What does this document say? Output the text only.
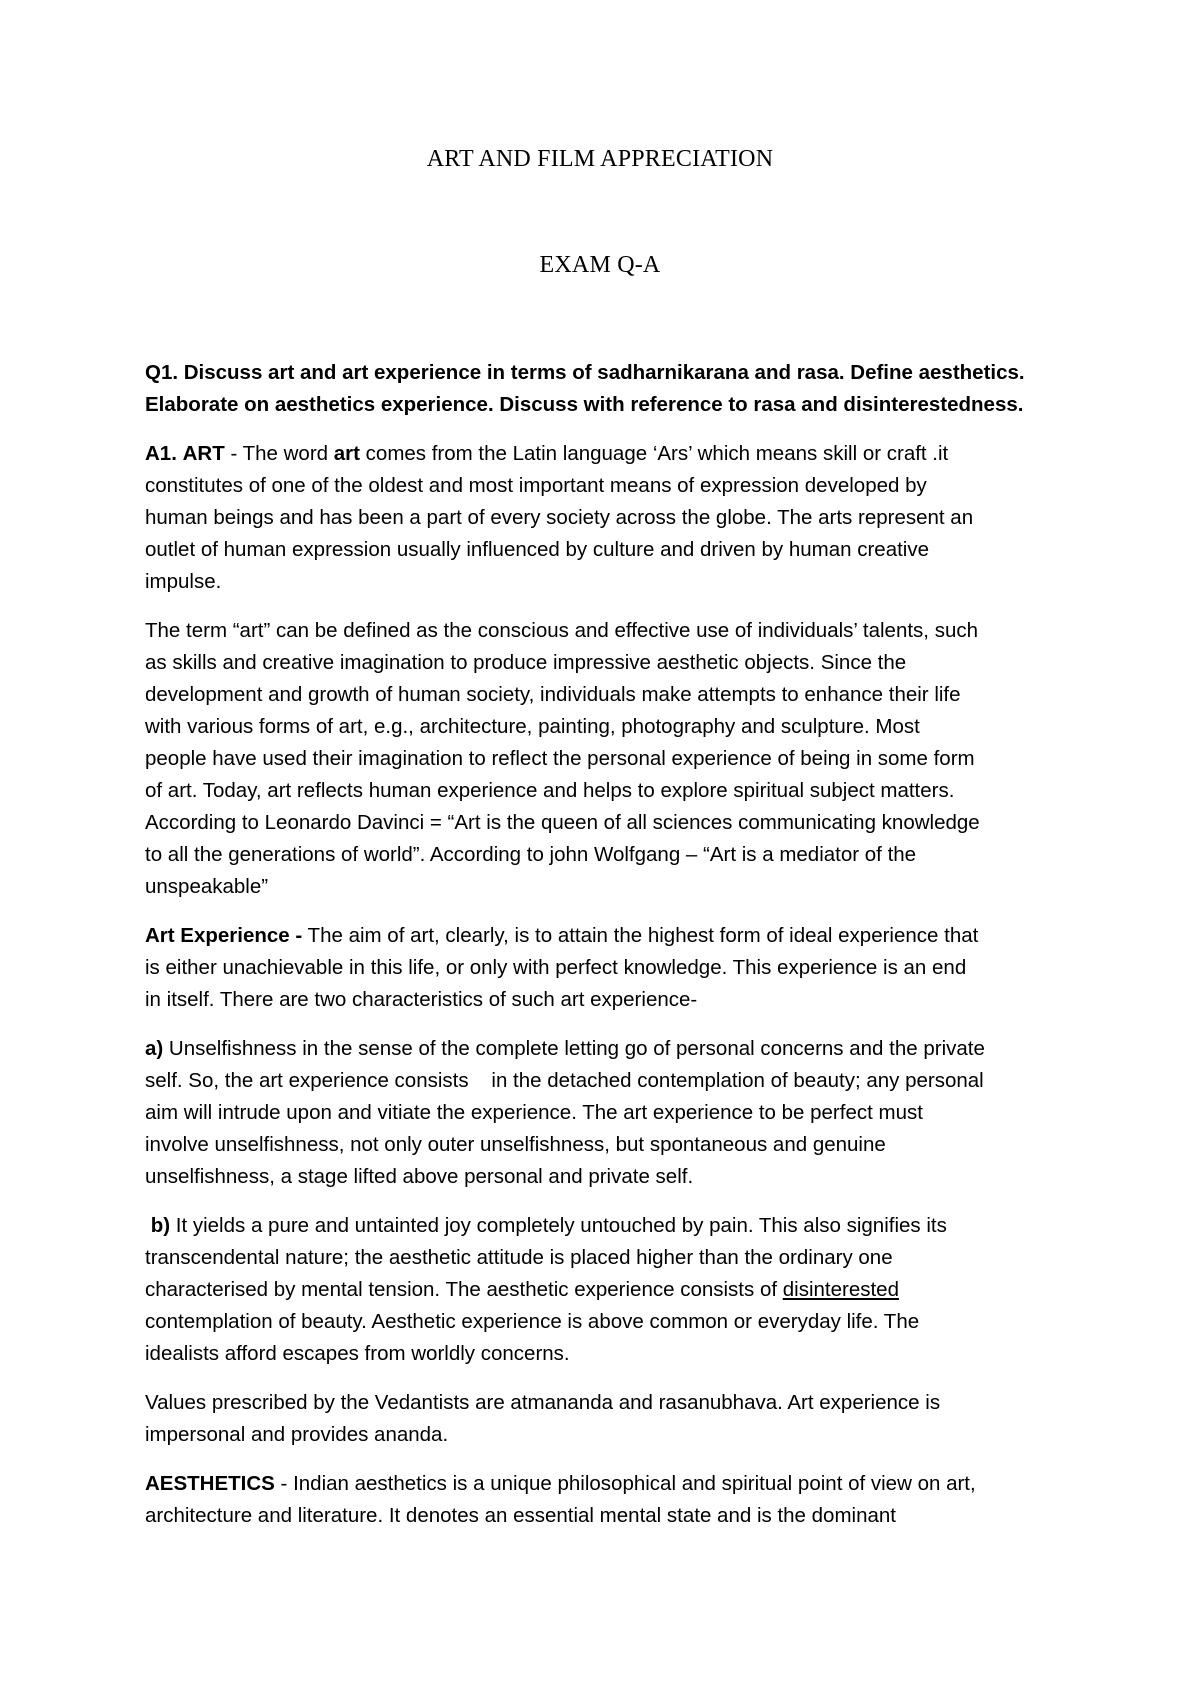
ART AND FILM APPRECIATION
EXAM Q-A

Q1. Discuss art and art experience in terms of sadharnikarana and rasa. Define aesthetics.
Elaborate on aesthetics experience. Discuss with reference to rasa and disinterestedness.

A1. ART - The word art comes from the Latin language ‘Ars’ which means skill or craft .it
constitutes of one of the oldest and most important means of expression developed by
human beings and has been a part of every society across the globe. The arts represent an
outlet of human expression usually influenced by culture and driven by human creative
impulse.

The term “art” can be defined as the conscious and effective use of individuals’ talents, such
as skills and creative imagination to produce impressive aesthetic objects. Since the
development and growth of human society, individuals make attempts to enhance their life
with various forms of art, e.g., architecture, painting, photography and sculpture. Most
people have used their imagination to reflect the personal experience of being in some form
of art. Today, art reflects human experience and helps to explore spiritual subject matters.
According to Leonardo Davinci = “Art is the queen of all sciences communicating knowledge
to all the generations of world”. According to john Wolfgang – “Art is a mediator of the
unspeakable”

Art Experience - The aim of art, clearly, is to attain the highest form of ideal experience that
is either unachievable in this life, or only with perfect knowledge. This experience is an end
in itself. There are two characteristics of such art experience-

a) Unselfishness in the sense of the complete letting go of personal concerns and the private
self. So, the art experience consists    in the detached contemplation of beauty; any personal
aim will intrude upon and vitiate the experience. The art experience to be perfect must
involve unselfishness, not only outer unselfishness, but spontaneous and genuine
unselfishness, a stage lifted above personal and private self.

b) It yields a pure and untainted joy completely untouched by pain. This also signifies its
transcendental nature; the aesthetic attitude is placed higher than the ordinary one
characterised by mental tension. The aesthetic experience consists of disinterested
contemplation of beauty. Aesthetic experience is above common or everyday life. The
idealists afford escapes from worldly concerns.

Values prescribed by the Vedantists are atmananda and rasanubhava. Art experience is
impersonal and provides ananda.

AESTHETICS - Indian aesthetics is a unique philosophical and spiritual point of view on art,
architecture and literature. It denotes an essential mental state and is the dominant
